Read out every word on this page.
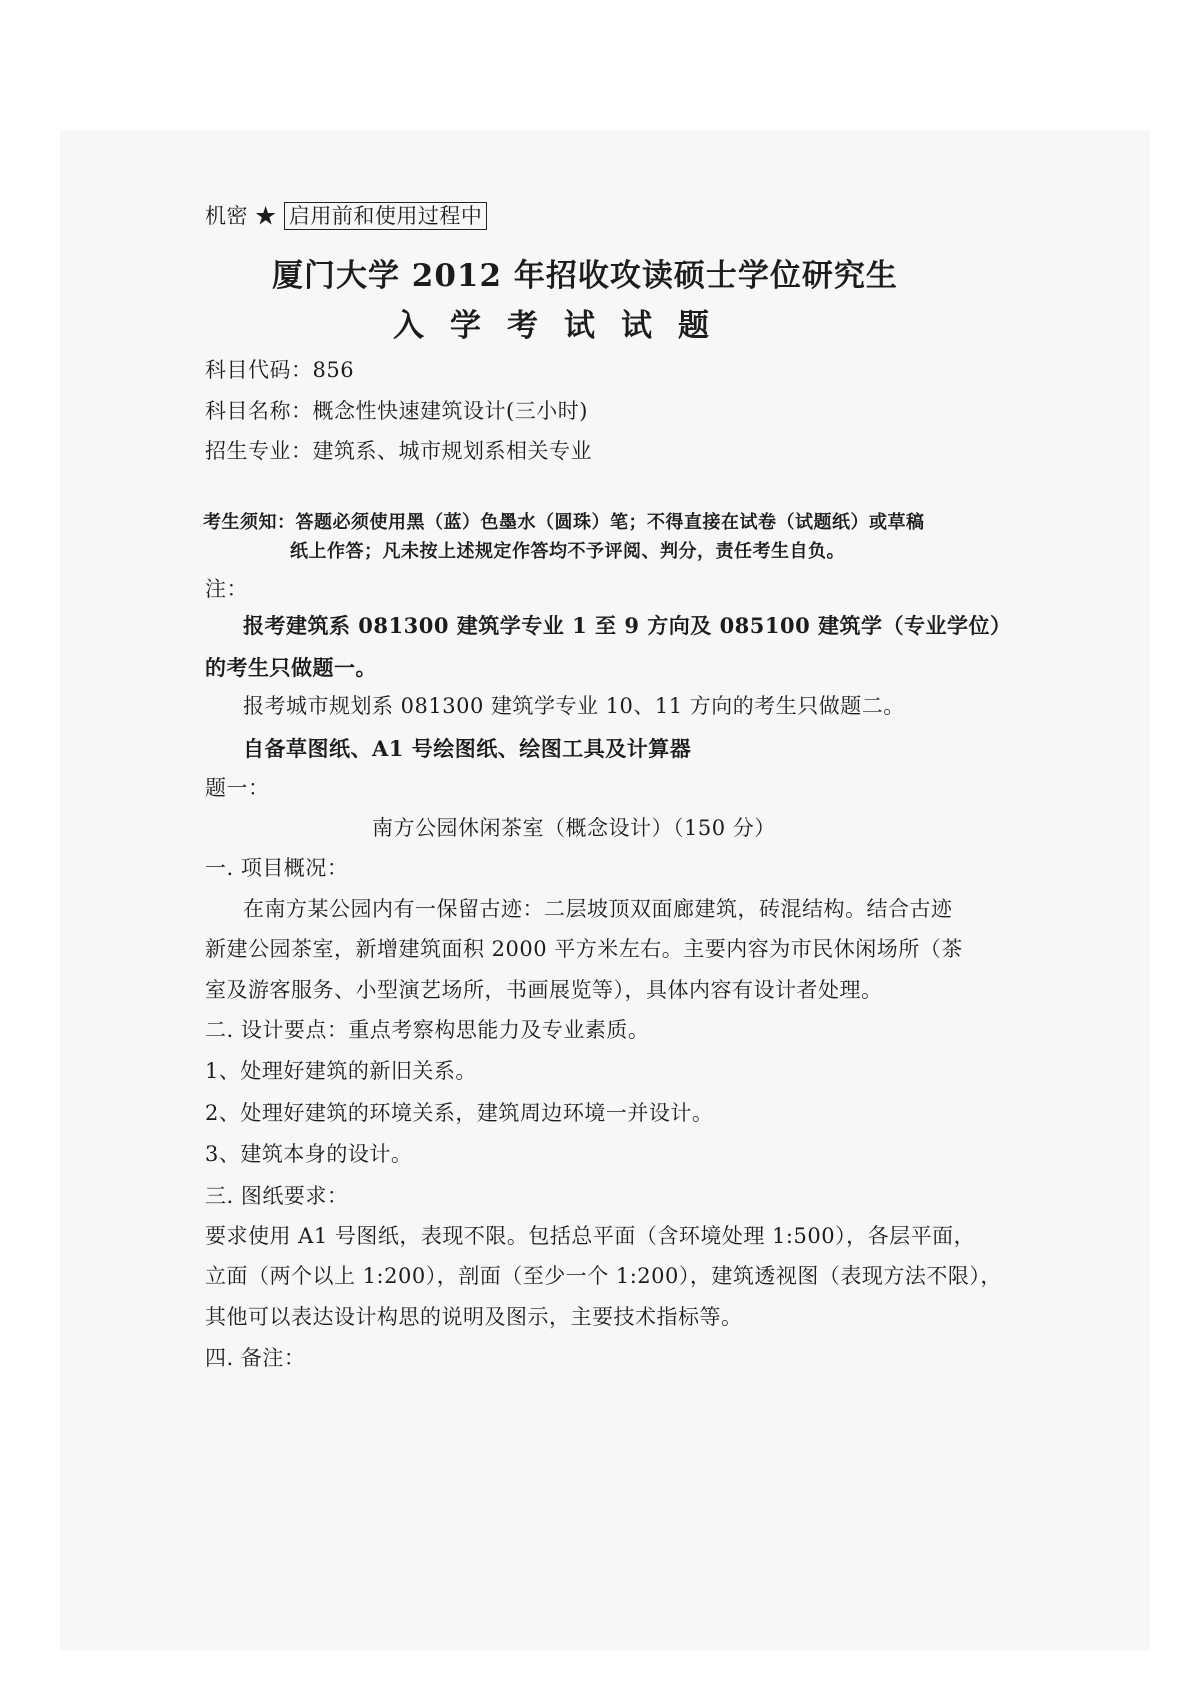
机密 ★ 启用前和使用过程中
厦门大学 2012 年招收攻读硕士学位研究生
入学考试试题
科目代码：856
科目名称：概念性快速建筑设计(三小时)
招生专业：建筑系、城市规划系相关专业
考生须知：答题必须使用黑（蓝）色墨水（圆珠）笔；不得直接在试卷（试题纸）或草稿
纸上作答；凡未按上述规定作答均不予评阅、判分，责任考生自负。
注：
报考建筑系 081300 建筑学专业 1 至 9 方向及 085100 建筑学（专业学位）
的考生只做题一。
报考城市规划系 081300 建筑学专业 10、11 方向的考生只做题二。
自备草图纸、A1 号绘图纸、绘图工具及计算器
题一：
南方公园休闲茶室（概念设计）（150 分）
一. 项目概况：
在南方某公园内有一保留古迹：二层坡顶双面廊建筑，砖混结构。结合古迹
新建公园茶室，新增建筑面积 2000 平方米左右。主要内容为市民休闲场所（茶
室及游客服务、小型演艺场所，书画展览等），具体内容有设计者处理。
二. 设计要点：重点考察构思能力及专业素质。
1、处理好建筑的新旧关系。
2、处理好建筑的环境关系，建筑周边环境一并设计。
3、建筑本身的设计。
三. 图纸要求：
要求使用 A1 号图纸，表现不限。包括总平面（含环境处理 1:500），各层平面，
立面（两个以上 1:200），剖面（至少一个 1:200），建筑透视图（表现方法不限），
其他可以表达设计构思的说明及图示，主要技术指标等。
四. 备注：
